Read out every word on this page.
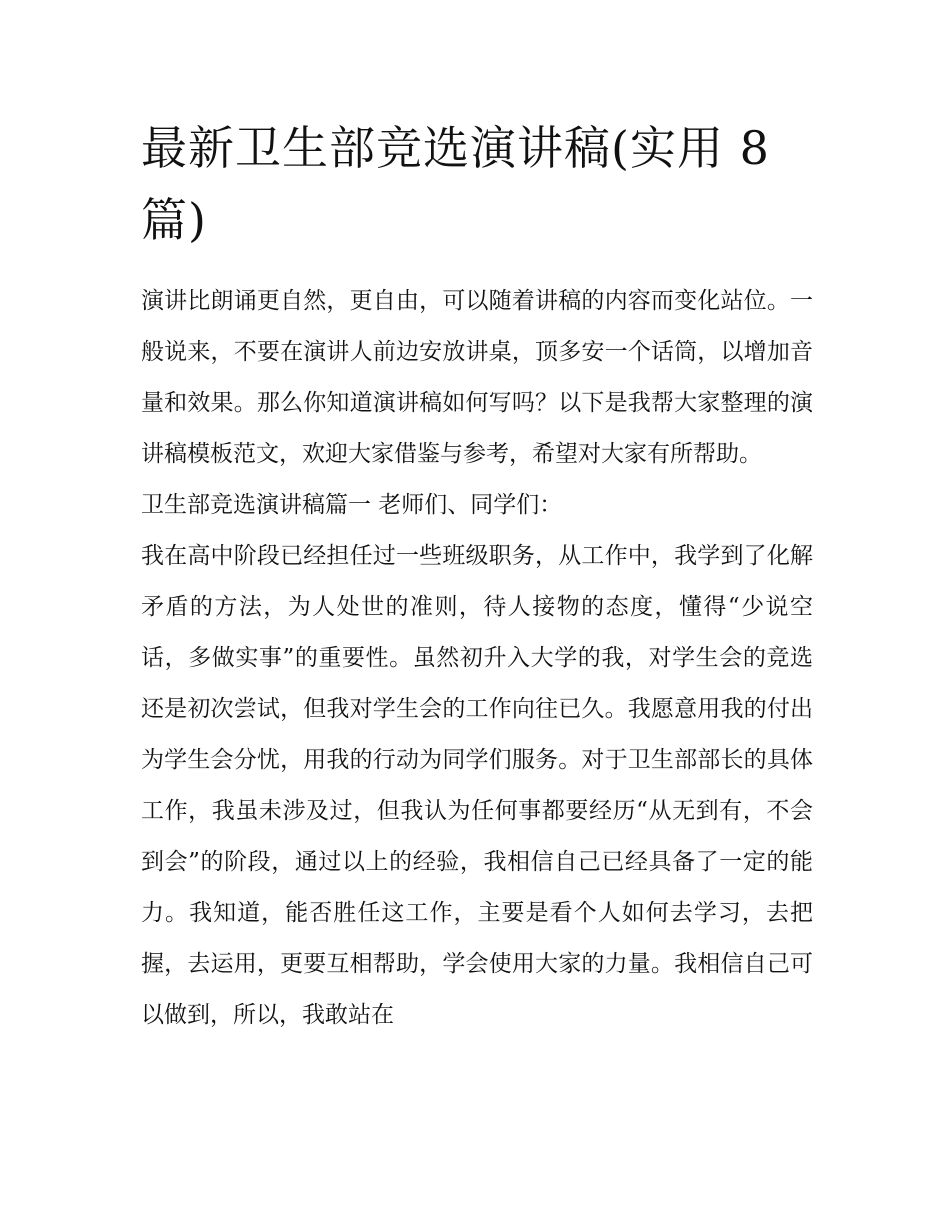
最新卫生部竞选演讲稿(实用 8篇)

演讲比朗诵更自然，更自由，可以随着讲稿的内容而变化站位。一般说来，不要在演讲人前边安放讲桌，顶多安一个话筒，以增加音量和效果。那么你知道演讲稿如何写吗？以下是我帮大家整理的演讲稿模板范文，欢迎大家借鉴与参考，希望对大家有所帮助。

卫生部竞选演讲稿篇一 老师们、同学们：

我在高中阶段已经担任过一些班级职务，从工作中，我学到了化解矛盾的方法，为人处世的准则，待人接物的态度，懂得“少说空话，多做实事”的重要性。虽然初升入大学的我，对学生会的竞选还是初次尝试，但我对学生会的工作向往已久。我愿意用我的付出为学生会分忧，用我的行动为同学们服务。对于卫生部部长的具体工作，我虽未涉及过，但我认为任何事都要经历“从无到有，不会到会”的阶段，通过以上的经验，我相信自己已经具备了一定的能力。我知道，能否胜任这工作，主要是看个人如何去学习，去把握，去运用，更要互相帮助，学会使用大家的力量。我相信自己可以做到，所以，我敢站在
